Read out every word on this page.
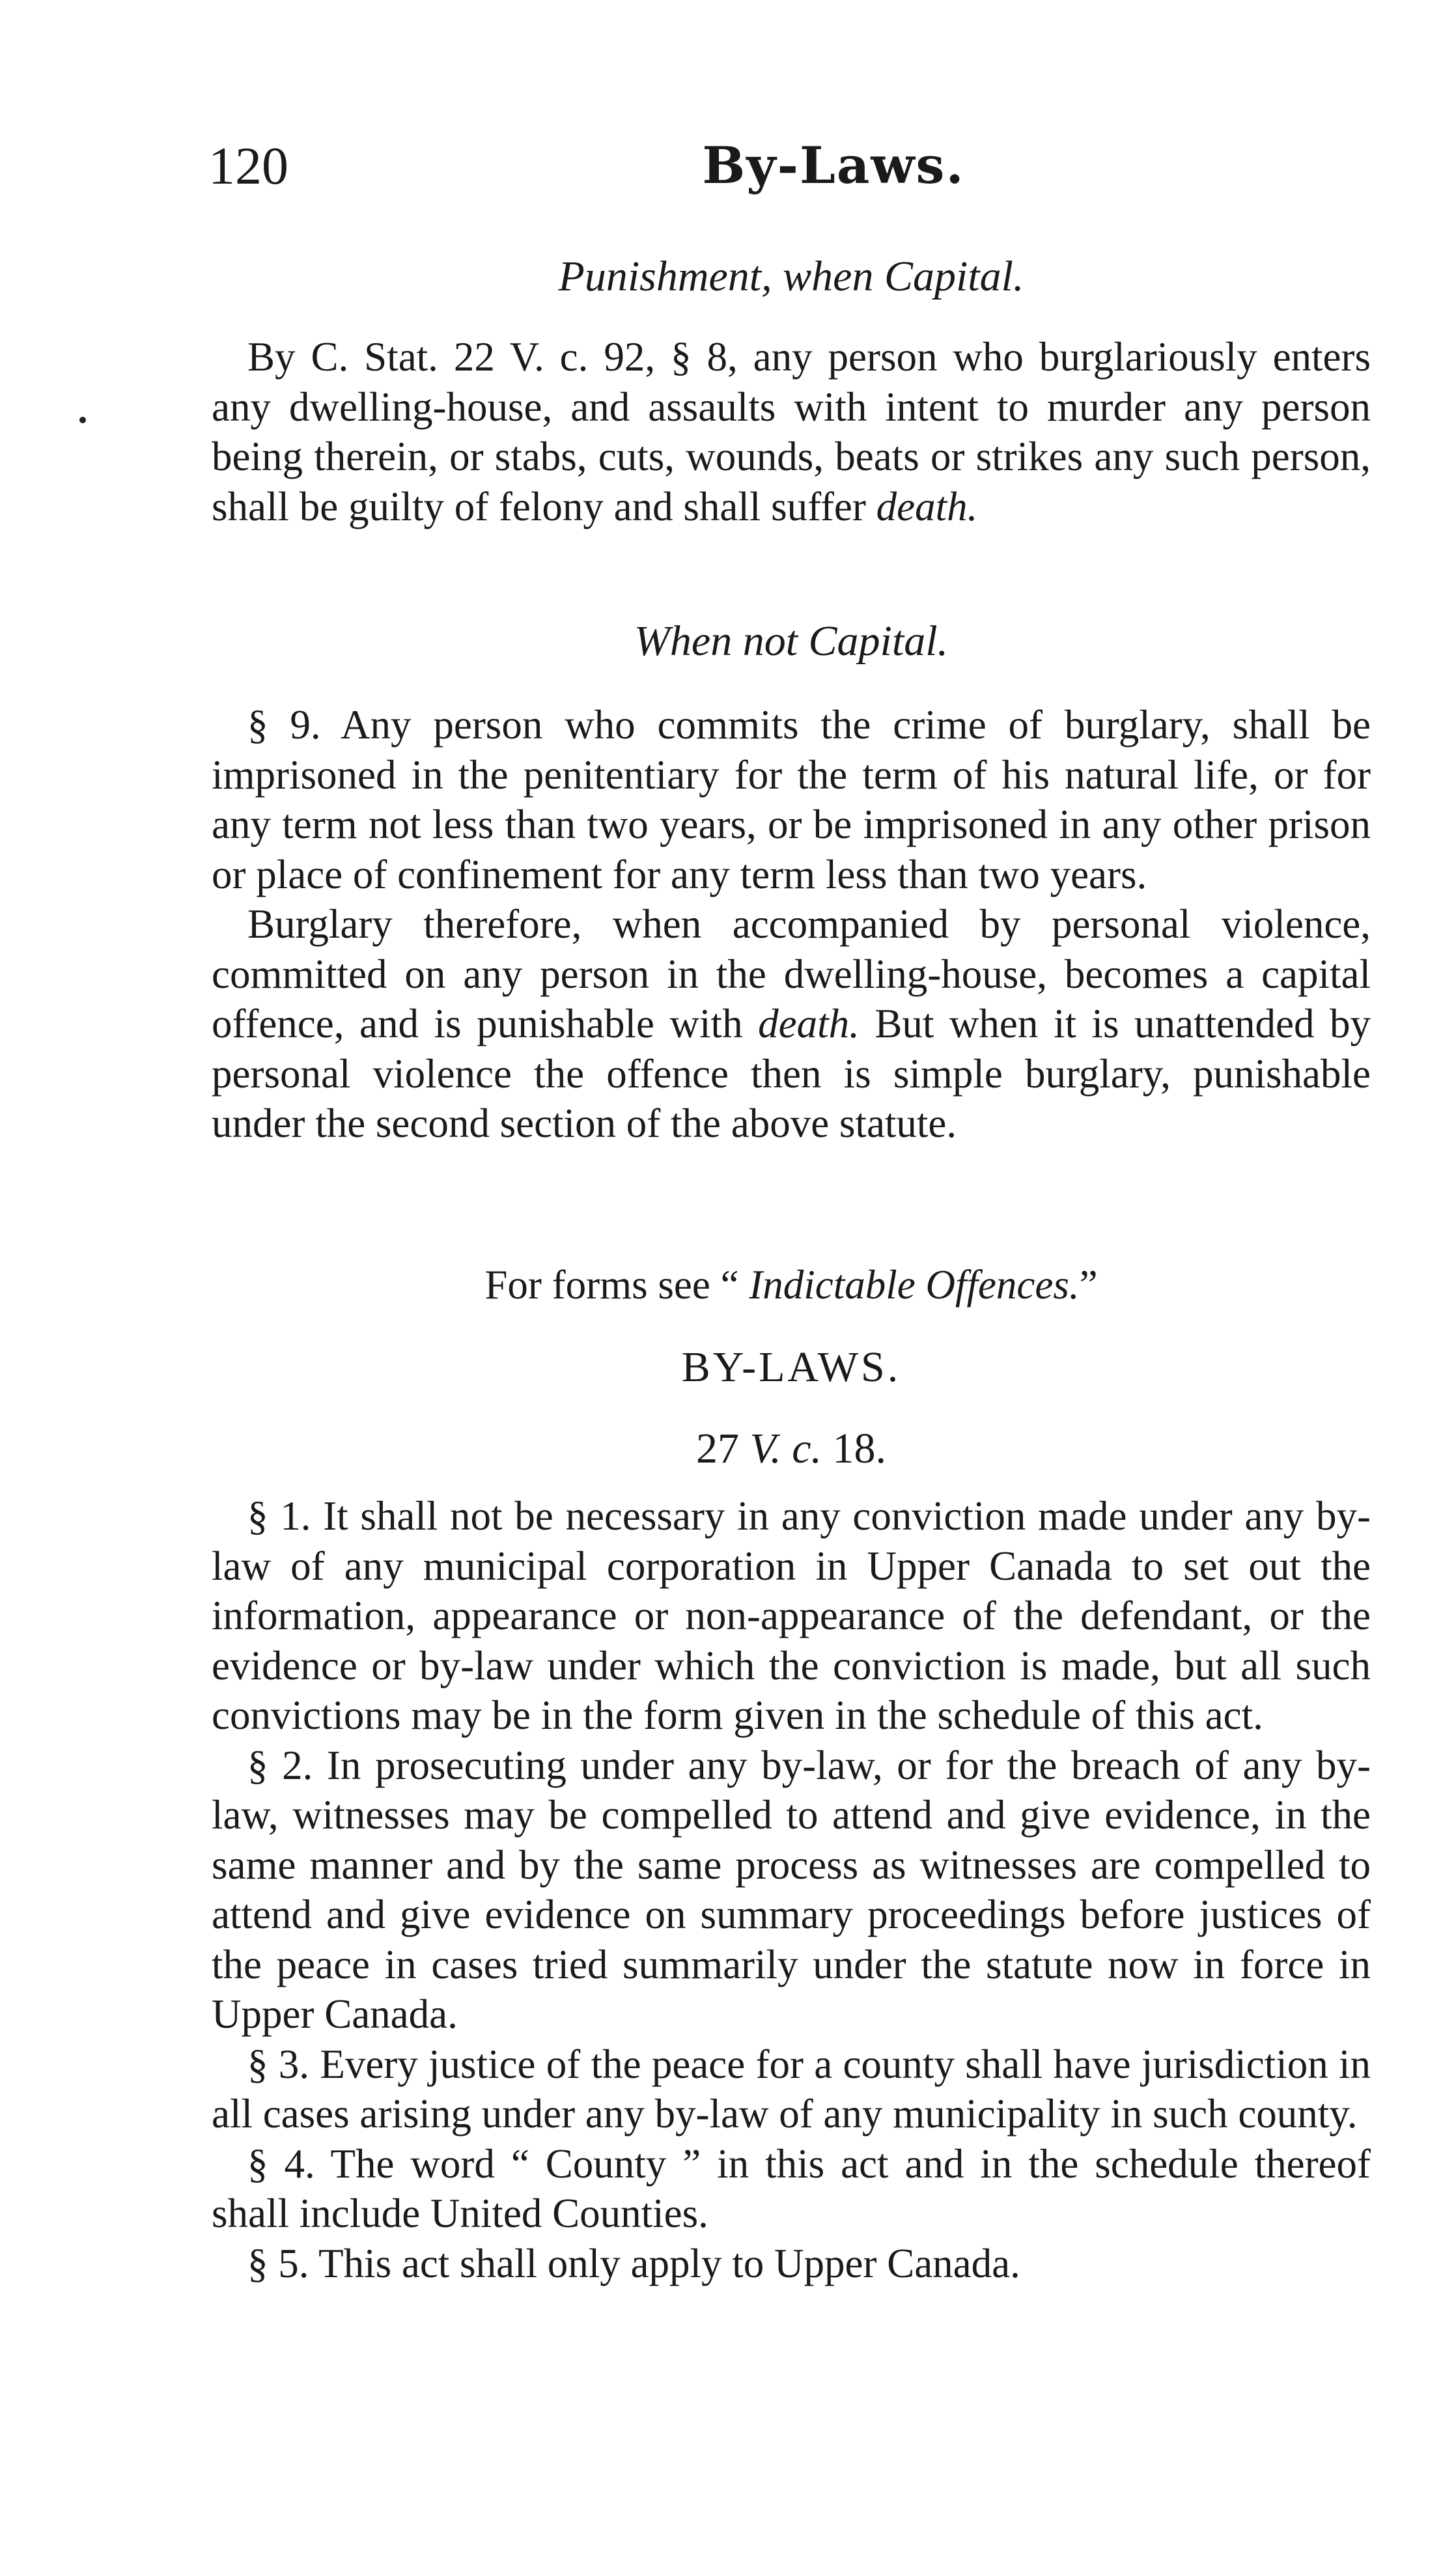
120	By-Laws.
Punishment, when Capital.

By C. Stat. 22 V. c. 92, § 8, any person who burglariously enters any dwelling-house, and assaults with intent to murder any person being therein, or stabs, cuts, wounds, beats or strikes any such person, shall be guilty of felony and shall suffer death.

When not Capital.

§ 9. Any person who commits the crime of burglary, shall be imprisoned in the penitentiary for the term of his natural life, or for any term not less than two years, or be imprisoned in any other prison or place of confinement for any term less than two years.

Burglary therefore, when accompanied by personal violence, committed on any person in the dwelling-house, becomes a capital offence, and is punishable with death. But when it is unattended by personal violence the offence then is simple burglary, punishable under the second section of the above statute.

For forms see “ Indictable Offences.”
BY-LAWS.
27 V. c. 18.

§ 1. It shall not be necessary in any conviction made under any by-law of any municipal corporation in Upper Canada to set out the information, appearance or non-appearance of the defendant, or the evidence or by-law under which the conviction is made, but all such convictions may be in the form given in the schedule of this act.

§ 2. In prosecuting under any by-law, or for the breach of any by-law, witnesses may be compelled to attend and give evidence, in the same manner and by the same process as witnesses are compelled to attend and give evidence on summary proceedings before justices of the peace in cases tried summarily under the statute now in force in Upper Canada.

§ 3. Every justice of the peace for a county shall have jurisdiction in all cases arising under any by-law of any municipality in such county.

§ 4. The word “ County ” in this act and in the schedule thereof shall include United Counties.

§ 5. This act shall only apply to Upper Canada.
